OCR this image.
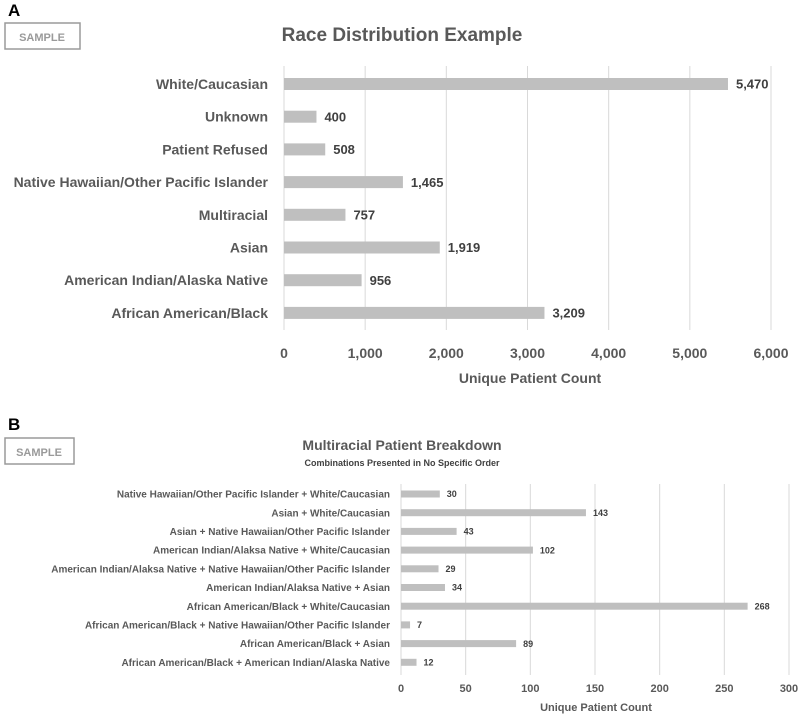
A
SAMPLE	Race Distribution Example
Unique Patient Count
0	1,000	2,000	3,000	4,000	5,000	6,000
White/Caucasian	5,470
Unknown	400
Patient Refused	508
Native Hawaiian/Other Pacific Islander	1,465
Multiracial	757
Asian	1,919
American Indian/Alaska Native	956
African American/Black	3,209
B
SAMPLE	Multiracial Patient Breakdown
Combinations Presented in No Specific Order
Unique Patient Count
0	50	100	150	200	250	300
Native Hawaiian/Other Pacific Islander + White/Caucasian	30
Asian + White/Caucasian	143
Asian + Native Hawaiian/Other Pacific Islander	43
American Indian/Alaksa Native + White/Caucasian	102
American Indian/Alaksa Native + Native Hawaiian/Other Pacific Islander	29
American Indian/Alaksa Native + Asian	34
African American/Black + White/Caucasian	268
African American/Black + Native Hawaiian/Other Pacific Islander	7
African American/Black + Asian	89
African American/Black + American Indian/Alaska Native	12
